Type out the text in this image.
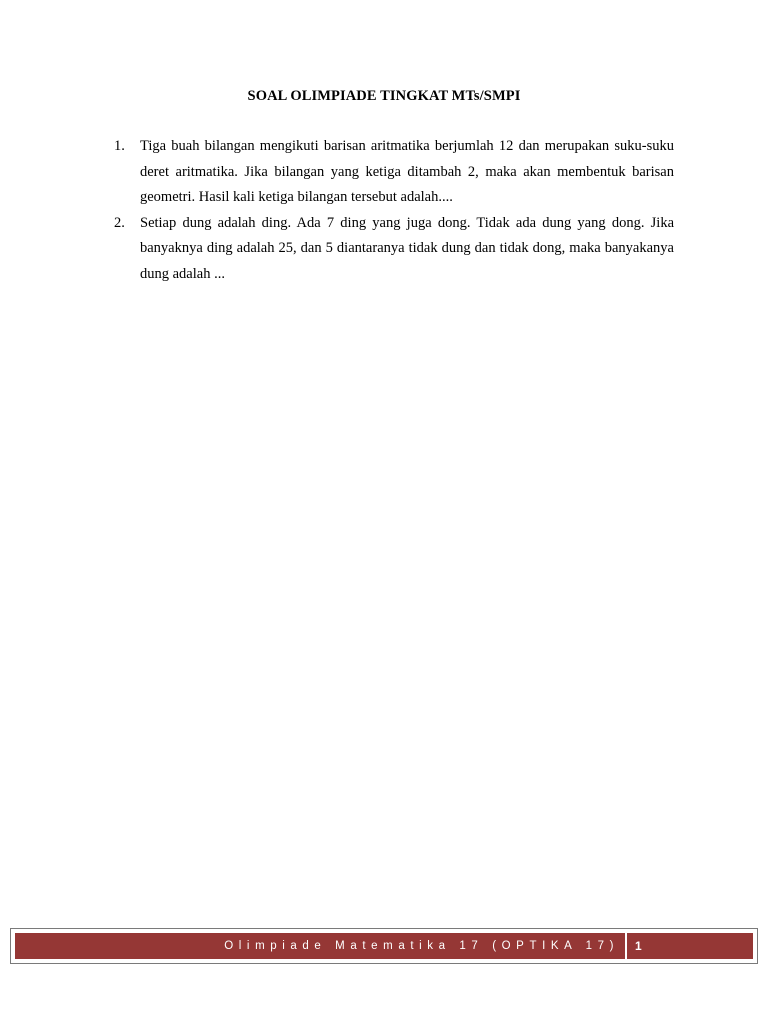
SOAL OLIMPIADE TINGKAT MTs/SMPI
1. Tiga buah bilangan mengikuti barisan aritmatika berjumlah 12 dan merupakan suku-suku deret aritmatika. Jika bilangan yang ketiga ditambah 2, maka akan membentuk barisan geometri. Hasil kali ketiga bilangan tersebut adalah....
2. Setiap dung adalah ding. Ada 7 ding yang juga dong. Tidak ada dung yang dong. Jika banyaknya ding adalah 25, dan 5 diantaranya tidak dung dan tidak dong, maka banyakanya dung adalah ...
Olimpiade Matematika 17 (OPTIKA 17)	1
